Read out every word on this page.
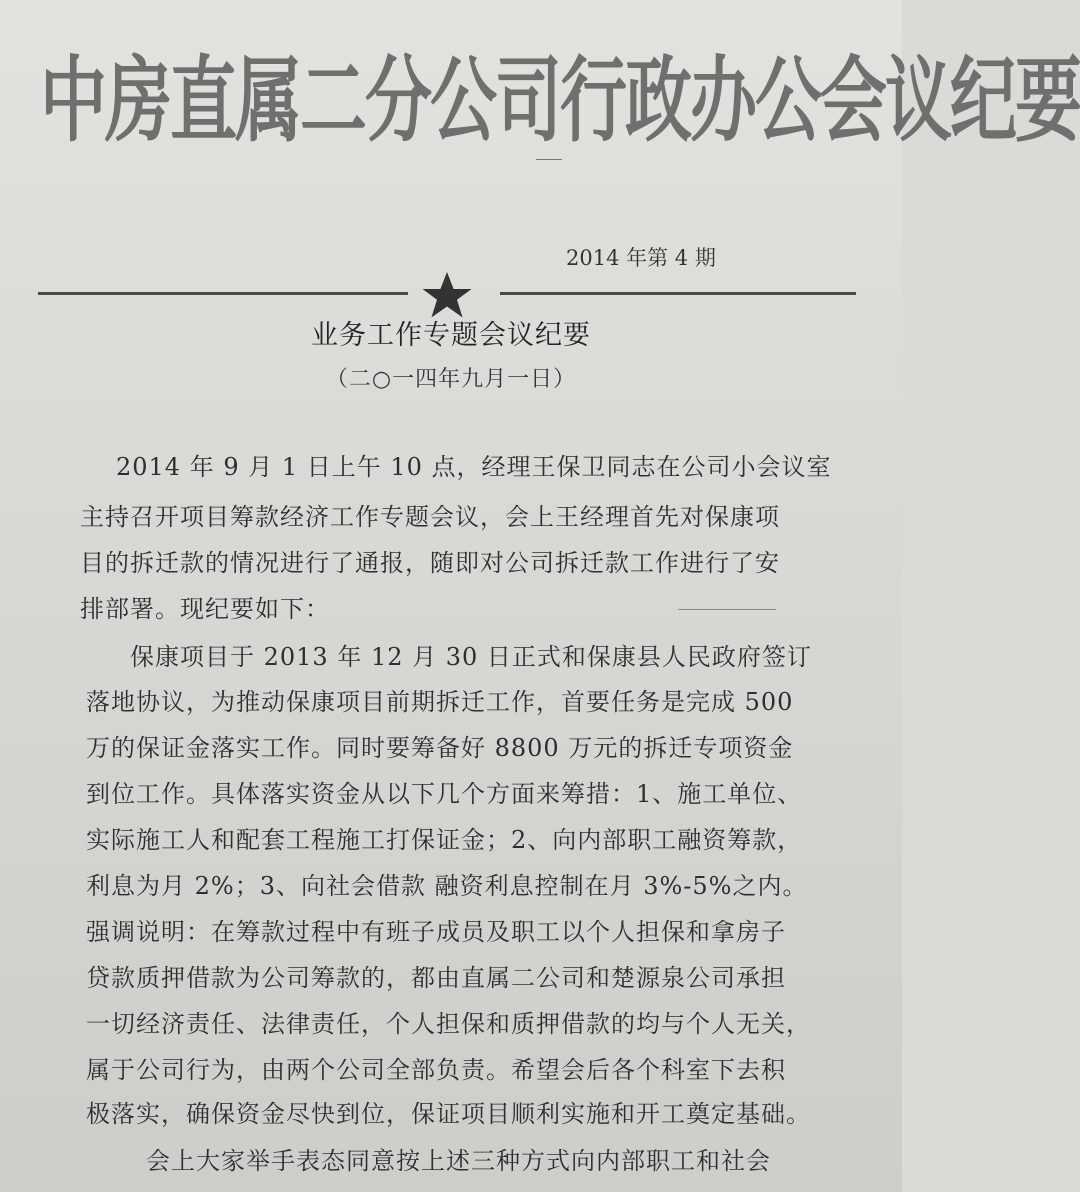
中房直属二分公司行政办公会议纪要
2014 年第 4 期
业务工作专题会议纪要
（二○一四年九月一日）
2014 年 9 月 1 日上午 10 点，经理王保卫同志在公司小会议室
主持召开项目筹款经济工作专题会议，会上王经理首先对保康项
目的拆迁款的情况进行了通报，随即对公司拆迁款工作进行了安
排部署。现纪要如下：
保康项目于 2013 年 12 月 30 日正式和保康县人民政府签订
落地协议，为推动保康项目前期拆迁工作，首要任务是完成 500
万的保证金落实工作。同时要筹备好 8800 万元的拆迁专项资金
到位工作。具体落实资金从以下几个方面来筹措：1、施工单位、
实际施工人和配套工程施工打保证金；2、向内部职工融资筹款，
利息为月 2%；3、向社会借款 融资利息控制在月 3%-5%之内。
强调说明：在筹款过程中有班子成员及职工以个人担保和拿房子
贷款质押借款为公司筹款的，都由直属二公司和楚源泉公司承担
一切经济责任、法律责任，个人担保和质押借款的均与个人无关，
属于公司行为，由两个公司全部负责。希望会后各个科室下去积
极落实，确保资金尽快到位，保证项目顺利实施和开工奠定基础。
会上大家举手表态同意按上述三种方式向内部职工和社会
